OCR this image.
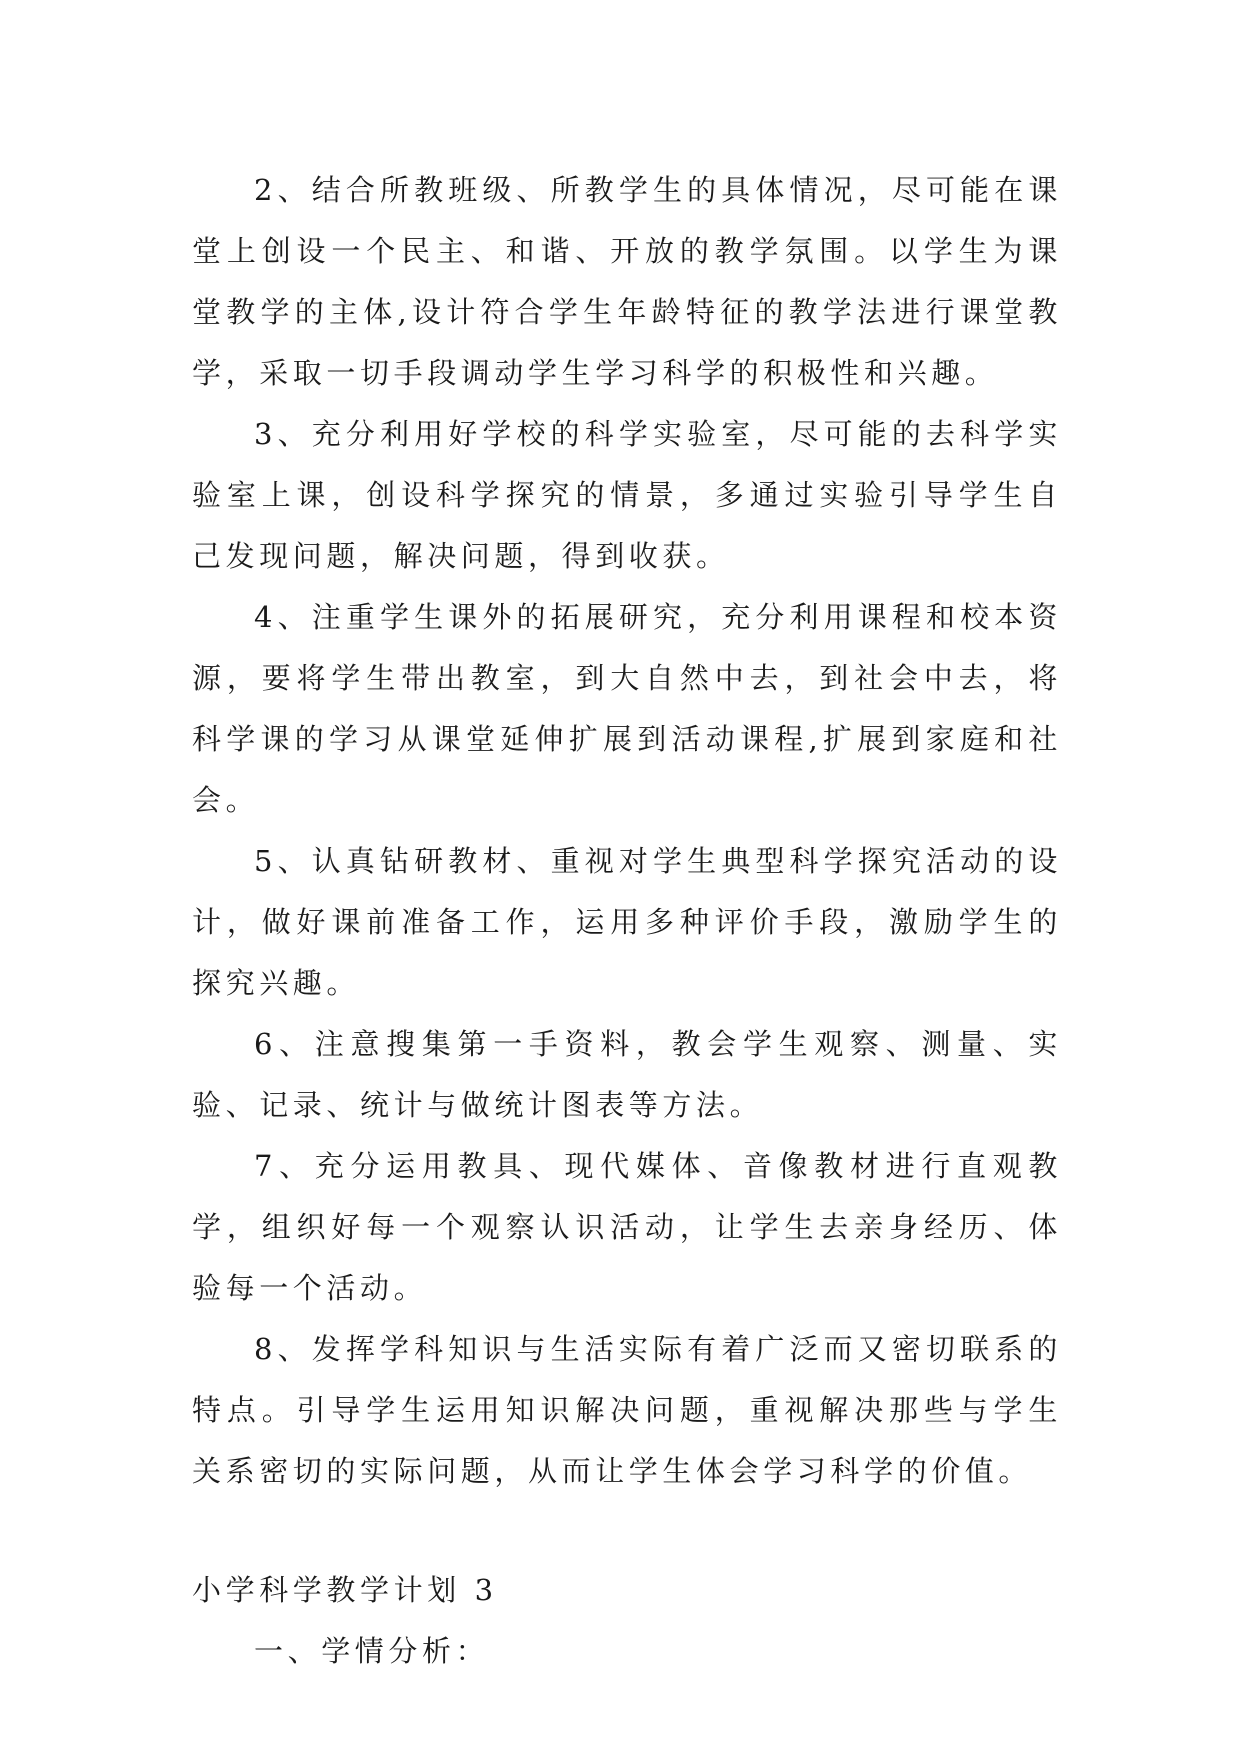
2、结合所教班级、所教学生的具体情况，尽可能在课堂上创设一个民主、和谐、开放的教学氛围。以学生为课堂教学的主体,设计符合学生年龄特征的教学法进行课堂教学，采取一切手段调动学生学习科学的积极性和兴趣。

3、充分利用好学校的科学实验室，尽可能的去科学实验室上课，创设科学探究的情景，多通过实验引导学生自己发现问题，解决问题，得到收获。

4、注重学生课外的拓展研究，充分利用课程和校本资源，要将学生带出教室，到大自然中去，到社会中去，将科学课的学习从课堂延伸扩展到活动课程,扩展到家庭和社会。

5、认真钻研教材、重视对学生典型科学探究活动的设计，做好课前准备工作，运用多种评价手段，激励学生的探究兴趣。

6、注意搜集第一手资料，教会学生观察、测量、实验、记录、统计与做统计图表等方法。

7、充分运用教具、现代媒体、音像教材进行直观教学，组织好每一个观察认识活动，让学生去亲身经历、体验每一个活动。

8、发挥学科知识与生活实际有着广泛而又密切联系的特点。引导学生运用知识解决问题，重视解决那些与学生关系密切的实际问题，从而让学生体会学习科学的价值。

小学科学教学计划 3

一、学情分析：
